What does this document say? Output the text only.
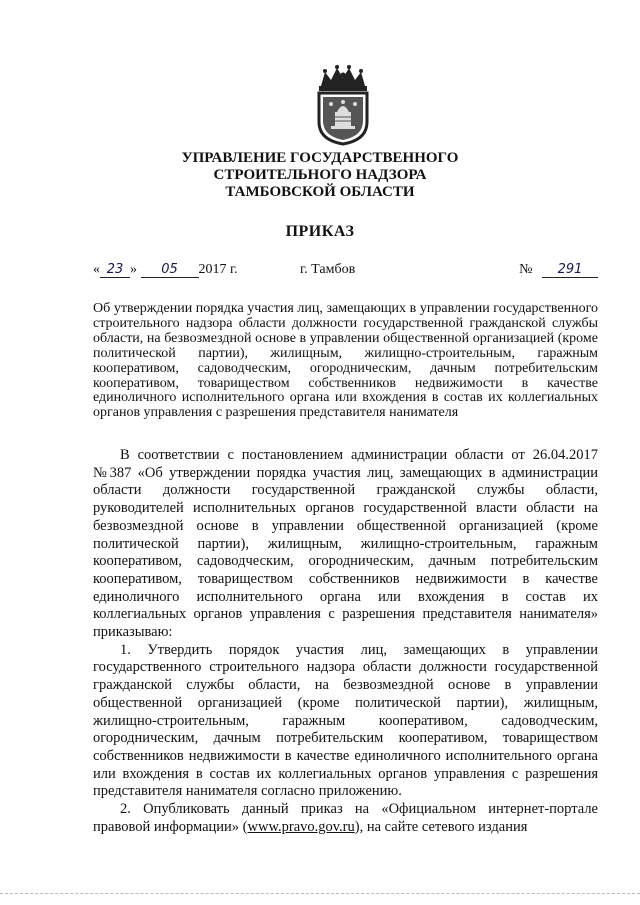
УПРАВЛЕНИЕ ГОСУДАРСТВЕННОГО
СТРОИТЕЛЬНОГО НАДЗОРА
ТАМБОВСКОЙ ОБЛАСТИ
ПРИКАЗ
« 23 » 05 2017 г.	г. Тамбов	№ 291
Об утверждении порядка участия лиц, замещающих в управлении государственного строительного надзора области должности государственной гражданской службы области, на безвозмездной основе в управлении общественной организацией (кроме политической партии), жилищным, жилищно-строительным, гаражным кооперативом, садоводческим, огородническим, дачным потребительским кооперативом, товариществом собственников недвижимости в качестве единоличного исполнительного органа или вхождения в состав их коллегиальных органов управления с разрешения представителя нанимателя

В соответствии с постановлением администрации области от 26.04.2017 №387 «Об утверждении порядка участия лиц, замещающих в администрации области должности государственной гражданской службы области, руководителей исполнительных органов государственной власти области на безвозмездной основе в управлении общественной организацией (кроме политической партии), жилищным, жилищно-строительным, гаражным кооперативом, садоводческим, огородническим, дачным потребительским кооперативом, товариществом собственников недвижимости в качестве единоличного исполнительного органа или вхождения в состав их коллегиальных органов управления с разрешения представителя нанимателя» приказываю:

1. Утвердить порядок участия лиц, замещающих в управлении государственного строительного надзора области должности государственной гражданской службы области, на безвозмездной основе в управлении общественной организацией (кроме политической партии), жилищным, жилищно-строительным, гаражным кооперативом, садоводческим, огородническим, дачным потребительским кооперативом, товариществом собственников недвижимости в качестве единоличного исполнительного органа или вхождения в состав их коллегиальных органов управления с разрешения представителя нанимателя согласно приложению.

2. Опубликовать данный приказ на «Официальном интернет-портале правовой информации» (www.pravo.gov.ru), на сайте сетевого издания
